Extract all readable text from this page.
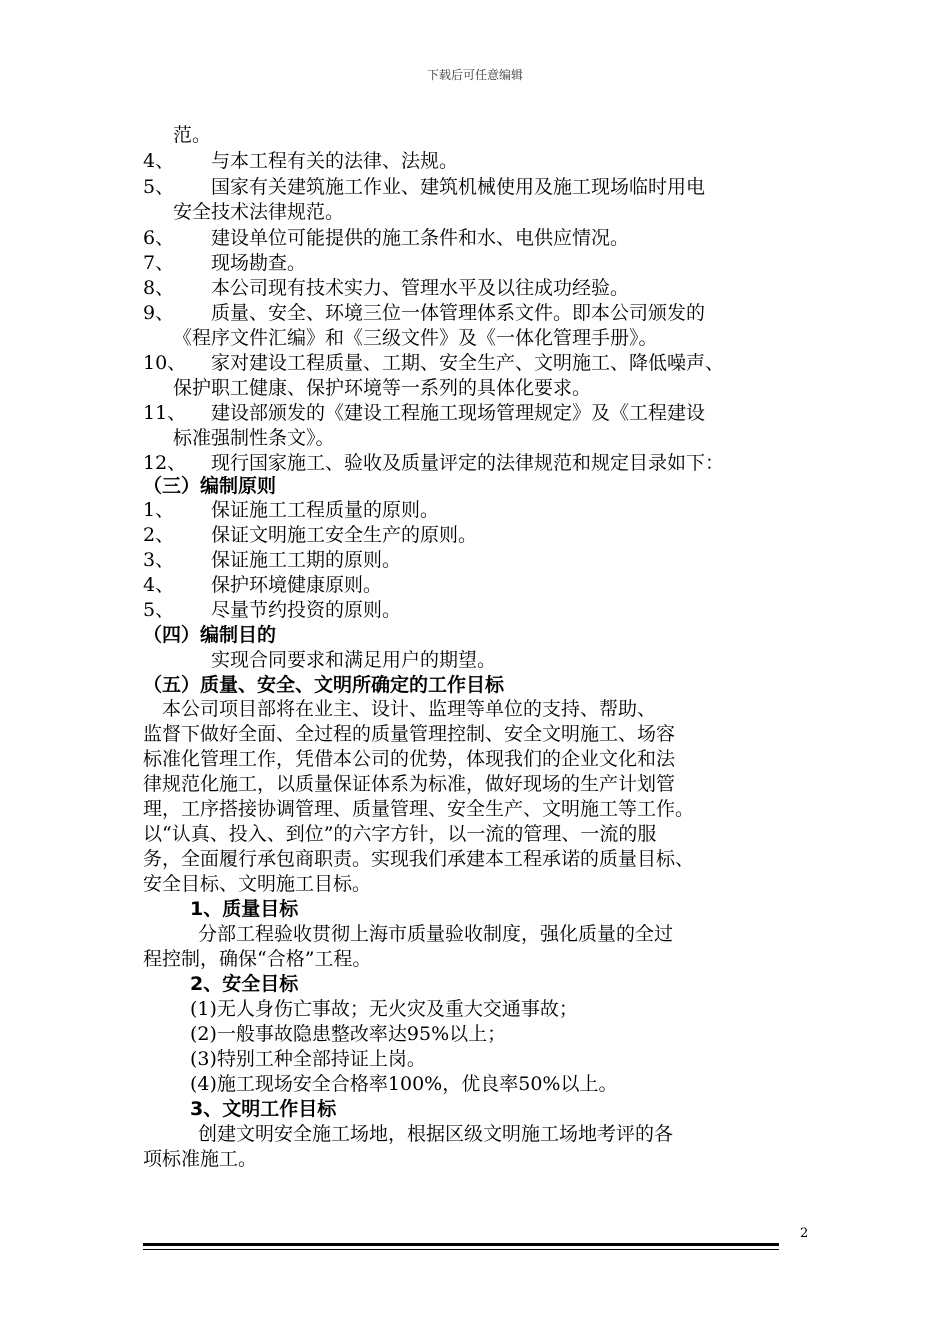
下载后可任意编辑
范。
4、 与本工程有关的法律、法规。
5、 国家有关建筑施工作业、建筑机械使用及施工现场临时用电
安全技术法律规范。
6、 建设单位可能提供的施工条件和水、电供应情况。
7、 现场勘查。
8、 本公司现有技术实力、管理水平及以往成功经验。
9、 质量、安全、环境三位一体管理体系文件。即本公司颁发的
《程序文件汇编》和《三级文件》及《一体化管理手册》。
10、 家对建设工程质量、工期、安全生产、文明施工、降低噪声、
保护职工健康、保护环境等一系列的具体化要求。
11、 建设部颁发的《建设工程施工现场管理规定》及《工程建设
标准强制性条文》。
12、 现行国家施工、验收及质量评定的法律规范和规定目录如下：
（三）编制原则
1、 保证施工工程质量的原则。
2、 保证文明施工安全生产的原则。
3、 保证施工工期的原则。
4、 保护环境健康原则。
5、 尽量节约投资的原则。
（四）编制目的
实现合同要求和满足用户的期望。
（五）质量、安全、文明所确定的工作目标
　本公司项目部将在业主、设计、监理等单位的支持、帮助、
监督下做好全面、全过程的质量管理控制、安全文明施工、场容
标准化管理工作，凭借本公司的优势，体现我们的企业文化和法
律规范化施工，以质量保证体系为标准，做好现场的生产计划管
理，工序搭接协调管理、质量管理、安全生产、文明施工等工作。
以“认真、投入、到位”的六字方针，以一流的管理、一流的服
务，全面履行承包商职责。实现我们承建本工程承诺的质量目标、
安全目标、文明施工目标。
1、质量目标
分部工程验收贯彻上海市质量验收制度，强化质量的全过
程控制，确保“合格”工程。
2、安全目标
(1)无人身伤亡事故；无火灾及重大交通事故；
(2)一般事故隐患整改率达95%以上；
(3)特别工种全部持证上岗。
(4)施工现场安全合格率100%，优良率50%以上。
3、文明工作目标
创建文明安全施工场地，根据区级文明施工场地考评的各
项标准施工。
2
